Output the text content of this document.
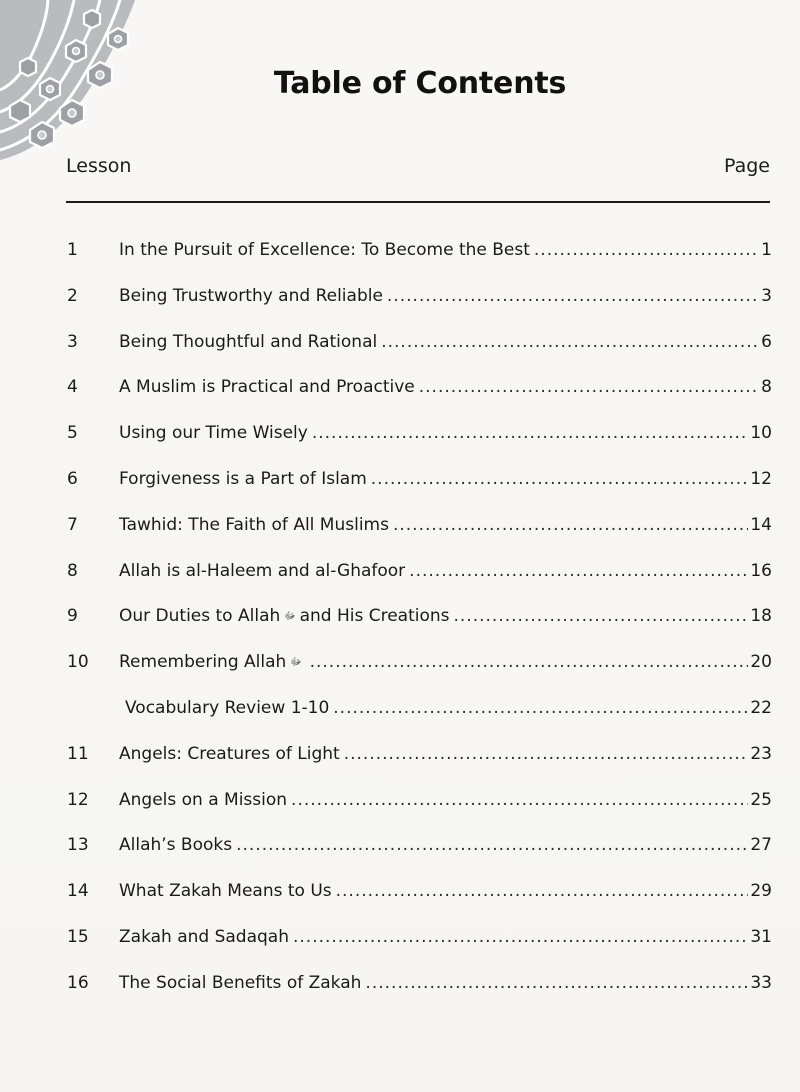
Table of Contents
Lesson	Page
1	In the Pursuit of Excellence: To Become the Best .....	1
2	Being Trustworthy and Reliable .....	3
3	Being Thoughtful and Rational .....	6
4	A Muslim is Practical and Proactive .....	8
5	Using our Time Wisely .....	10
6	Forgiveness is a Part of Islam .....	12
7	Tawhid: The Faith of All Muslims .....	14
8	Allah is al-Haleem and al-Ghafoor .....	16
9	Our Duties to Allah ﷻ and His Creations .....	18
10	Remembering Allah ﷻ .....	20
Vocabulary Review 1-10 .....	22
11	Angels: Creatures of Light .....	23
12	Angels on a Mission .....	25
13	Allah’s Books .....	27
14	What Zakah Means to Us .....	29
15	Zakah and Sadaqah .....	31
16	The Social Benefits of Zakah .....	33
